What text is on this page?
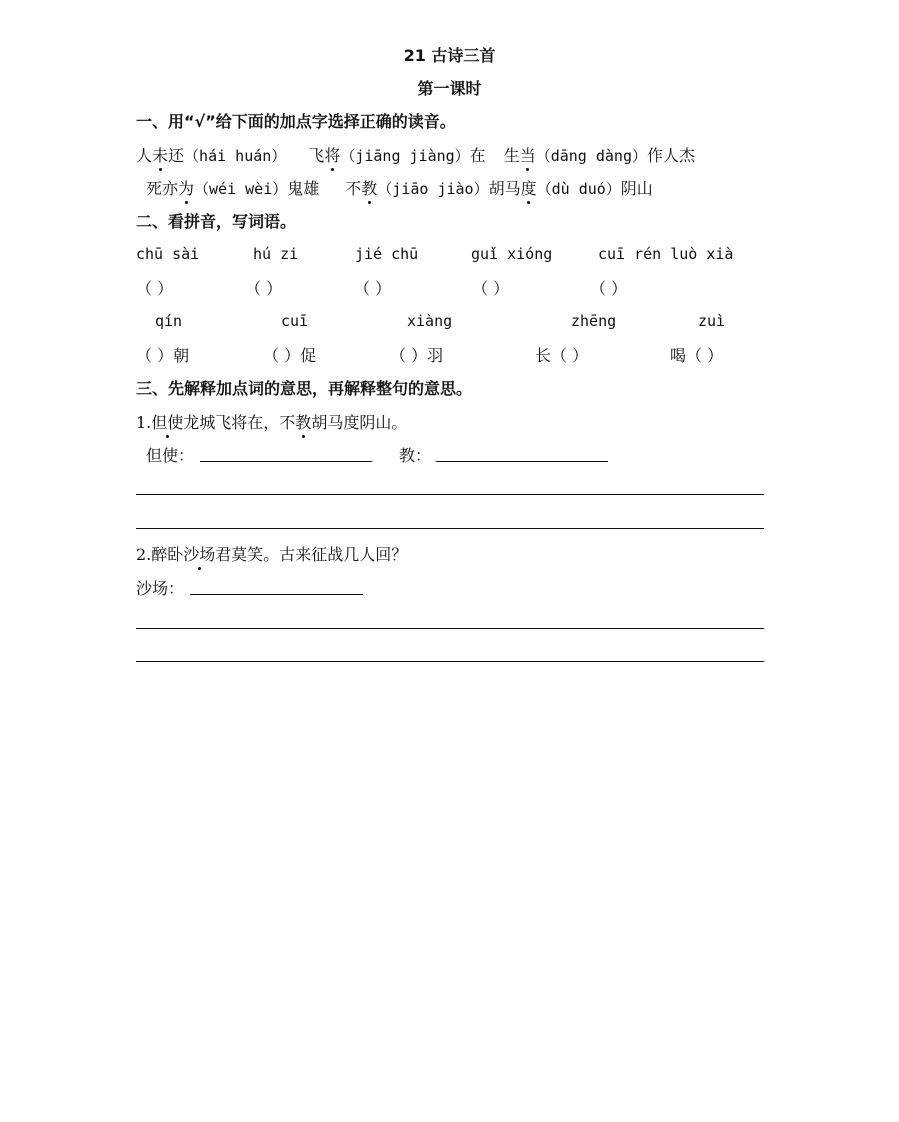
21 古诗三首
第一课时
一、用“√”给下面的加点字选择正确的读音。
人未还（hái huán） 飞将（jiāng jiàng）在 生当（dāng dàng）作人杰
死亦为（wéi wèi）鬼雄 不教（jiāo jiào）胡马度（dù duó）阴山
二、看拼音，写词语。
chū sài	hú zi	jié chū	guǐ xióng	cuī rén luò xià
（ ）	（ ）	（ ）	（ ）	（ ）
qín	cuī	xiàng	zhēng	zuì
（ ）朝	（ ）促	（ ）羽	长（ ）	喝（ ）
三、先解释加点词的意思，再解释整句的意思。
1.但使龙城飞将在，不教胡马度阴山。
但使：	教：
2.醉卧沙场君莫笑。古来征战几人回？
沙场：
